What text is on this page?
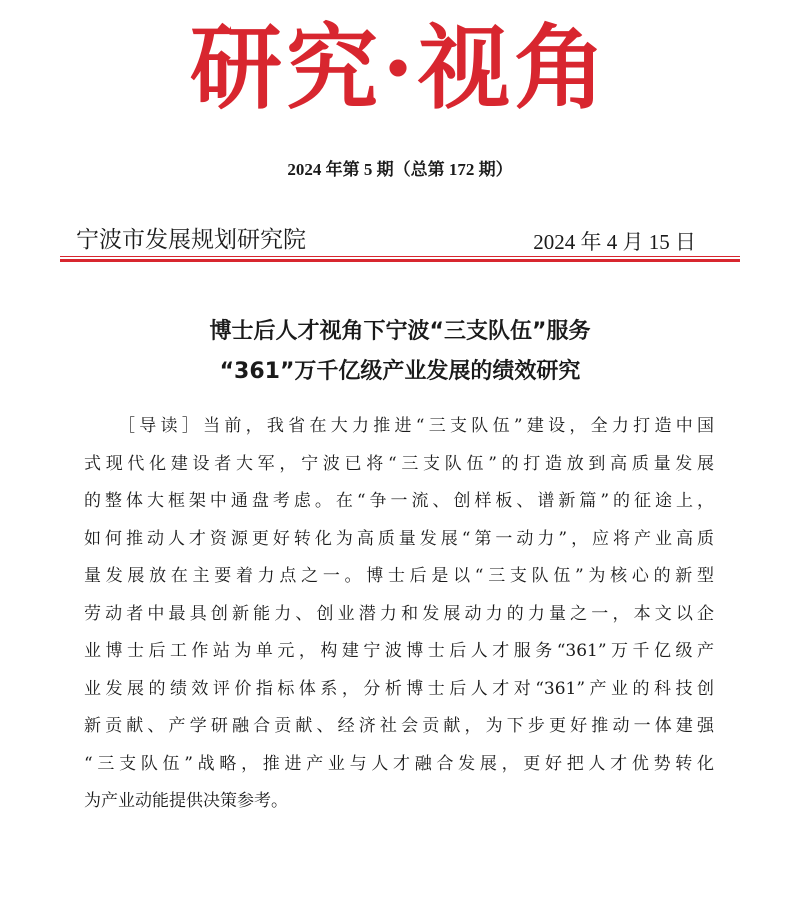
研究·视角
2024 年第 5 期（总第 172 期）
宁波市发展规划研究院	2024 年 4 月 15 日
博士后人才视角下宁波“三支队伍”服务
“361”万千亿级产业发展的绩效研究
［导读］当前，我省在大力推进“三支队伍”建设，全力打造中国
式现代化建设者大军，宁波已将“三支队伍”的打造放到高质量发展
的整体大框架中通盘考虑。在“争一流、创样板、谱新篇”的征途上，
如何推动人才资源更好转化为高质量发展“第一动力”，应将产业高质
量发展放在主要着力点之一。博士后是以“三支队伍”为核心的新型
劳动者中最具创新能力、创业潜力和发展动力的力量之一，本文以企
业博士后工作站为单元，构建宁波博士后人才服务“361”万千亿级产
业发展的绩效评价指标体系，分析博士后人才对“361”产业的科技创
新贡献、产学研融合贡献、经济社会贡献，为下步更好推动一体建强
“三支队伍”战略，推进产业与人才融合发展，更好把人才优势转化
为产业动能提供决策参考。
